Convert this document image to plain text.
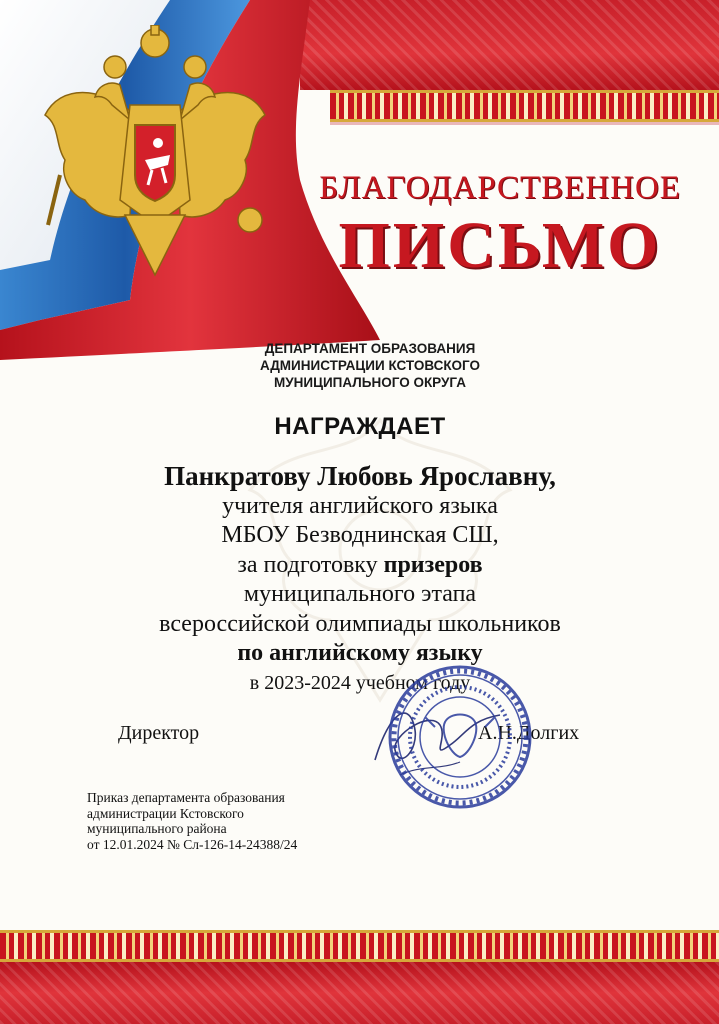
БЛАГОДАРСТВЕННОЕ
ПИСЬМО
ДЕПАРТАМЕНТ ОБРАЗОВАНИЯ
АДМИНИСТРАЦИИ КСТОВСКОГО
МУНИЦИПАЛЬНОГО ОКРУГА
НАГРАЖДАЕТ
Панкратову Любовь Ярославну,
учителя английского языка
МБОУ Безводнинская СШ,
за подготовку призеров
муниципального этапа
всероссийской олимпиады школьников
по английскому языку
в 2023-2024 учебном году
Директор	А.Н.Долгих
Приказ департамента образования
администрации Кстовского
муниципального района
от 12.01.2024 № Сл-126-14-24388/24
